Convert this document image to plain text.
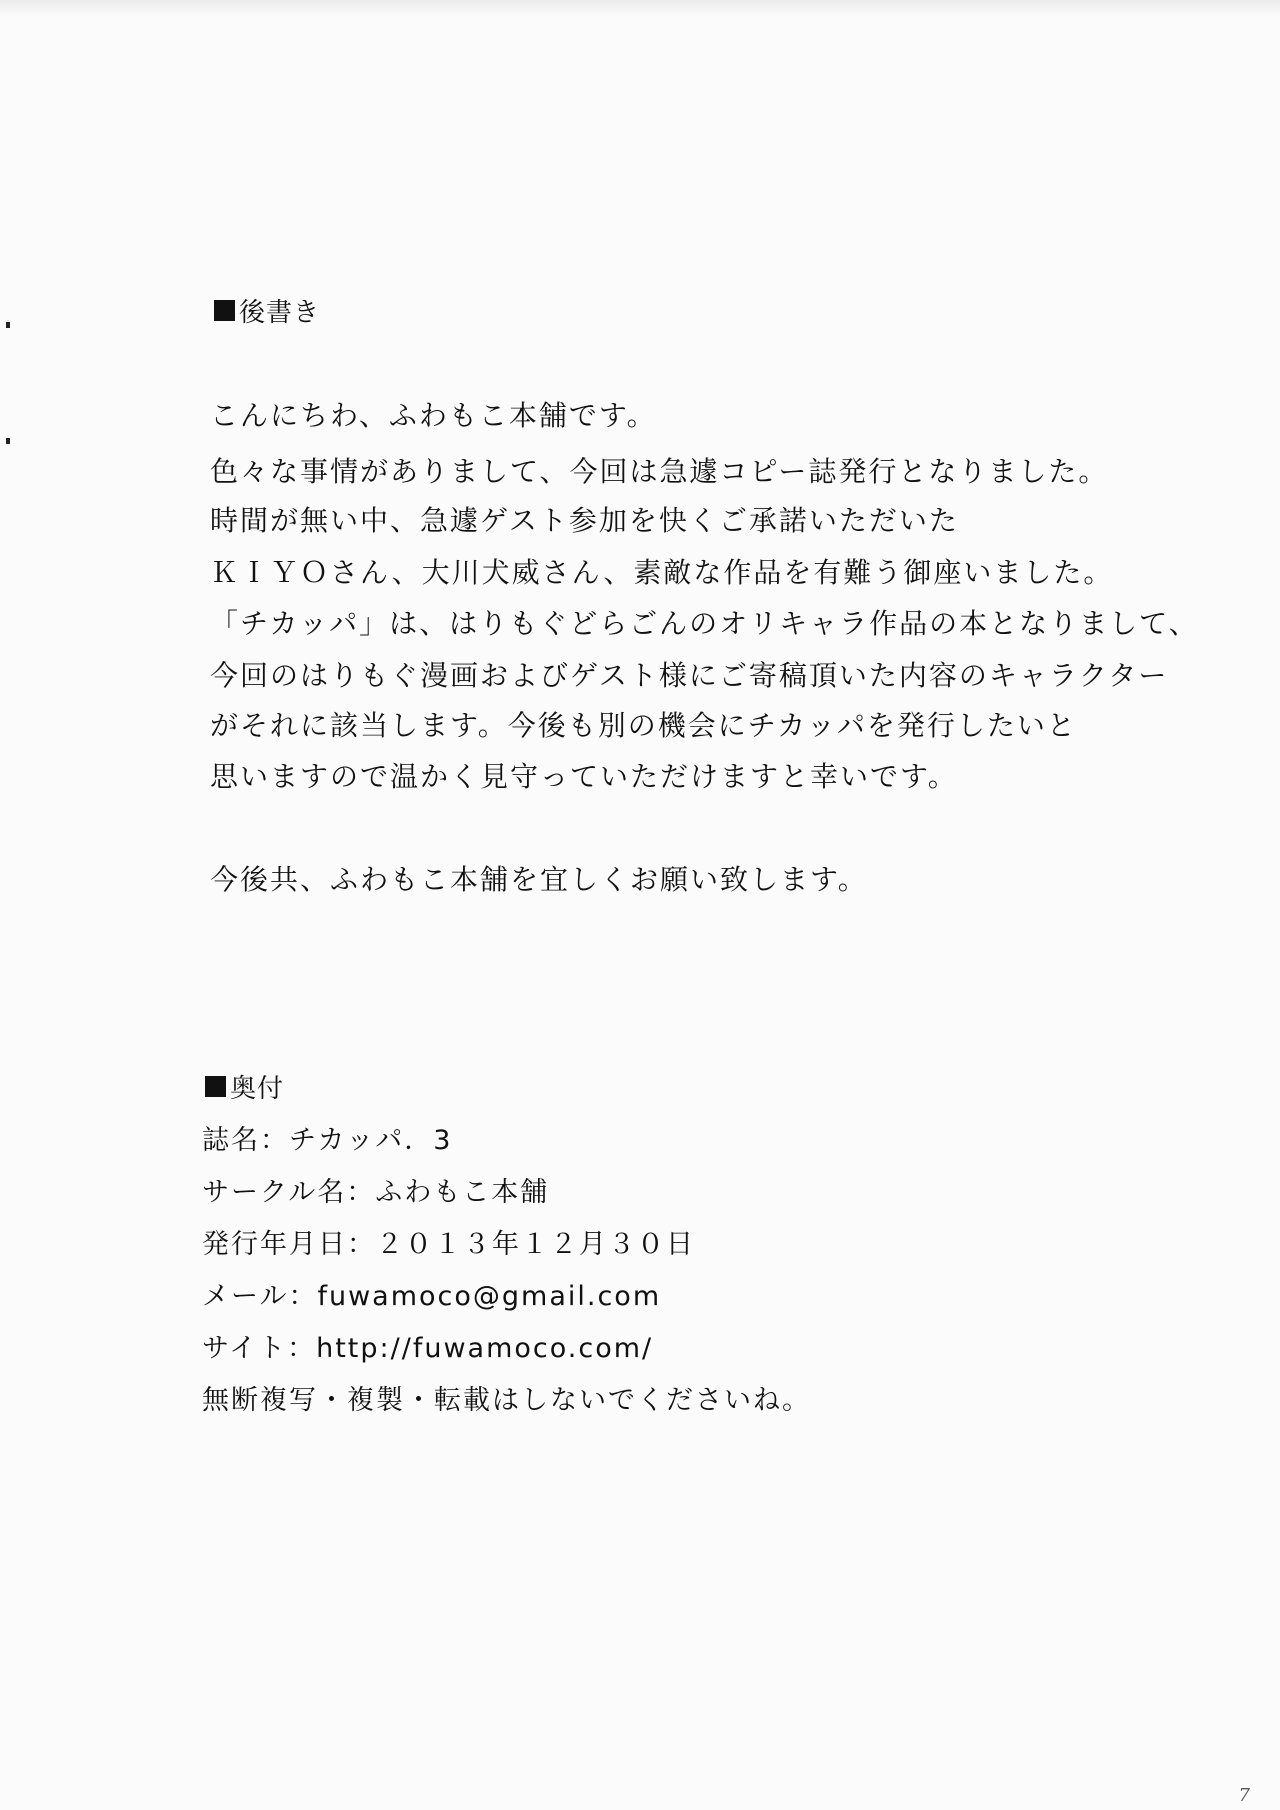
後書き
こんにちわ、ふわもこ本舗です。
色々な事情がありまして、今回は急遽コピー誌発行となりました。
時間が無い中、急遽ゲスト参加を快くご承諾いただいた
ＫＩＹＯさん、大川犬威さん、素敵な作品を有難う御座いました。
「チカッパ」は、はりもぐどらごんのオリキャラ作品の本となりまして、
今回のはりもぐ漫画およびゲスト様にご寄稿頂いた内容のキャラクター
がそれに該当します。今後も別の機会にチカッパを発行したいと
思いますので温かく見守っていただけますと幸いです。
今後共、ふわもこ本舗を宜しくお願い致します。
奥付
誌名：チカッパ．3
サークル名：ふわもこ本舗
発行年月日：２０１３年１２月３０日
メール：fuwamoco@gmail.com
サイト：http://fuwamoco.com/
無断複写・複製・転載はしないでくださいね。
7
